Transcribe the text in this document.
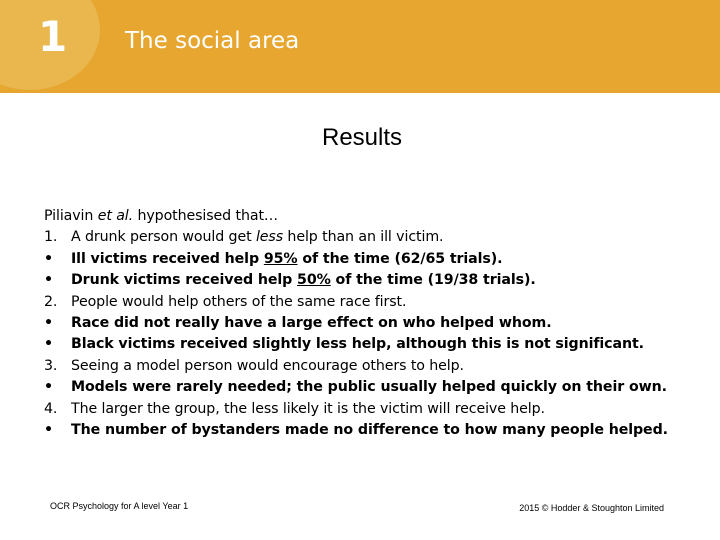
1	The social area
Results
Piliavin et al. hypothesised that…
1. A drunk person would get less help than an ill victim.
•	Ill victims received help 95% of the time (62/65 trials).
•	Drunk victims received help 50% of the time (19/38 trials).
2. People would help others of the same race first.
•	Race did not really have a large effect on who helped whom.
•	Black victims received slightly less help, although this is not significant.
3. Seeing a model person would encourage others to help.
•	Models were rarely needed; the public usually helped quickly on their own.
4. The larger the group, the less likely it is the victim will receive help.
•	The number of bystanders made no difference to how many people helped.
OCR Psychology for A level Year 1	2015 © Hodder & Stoughton Limited
